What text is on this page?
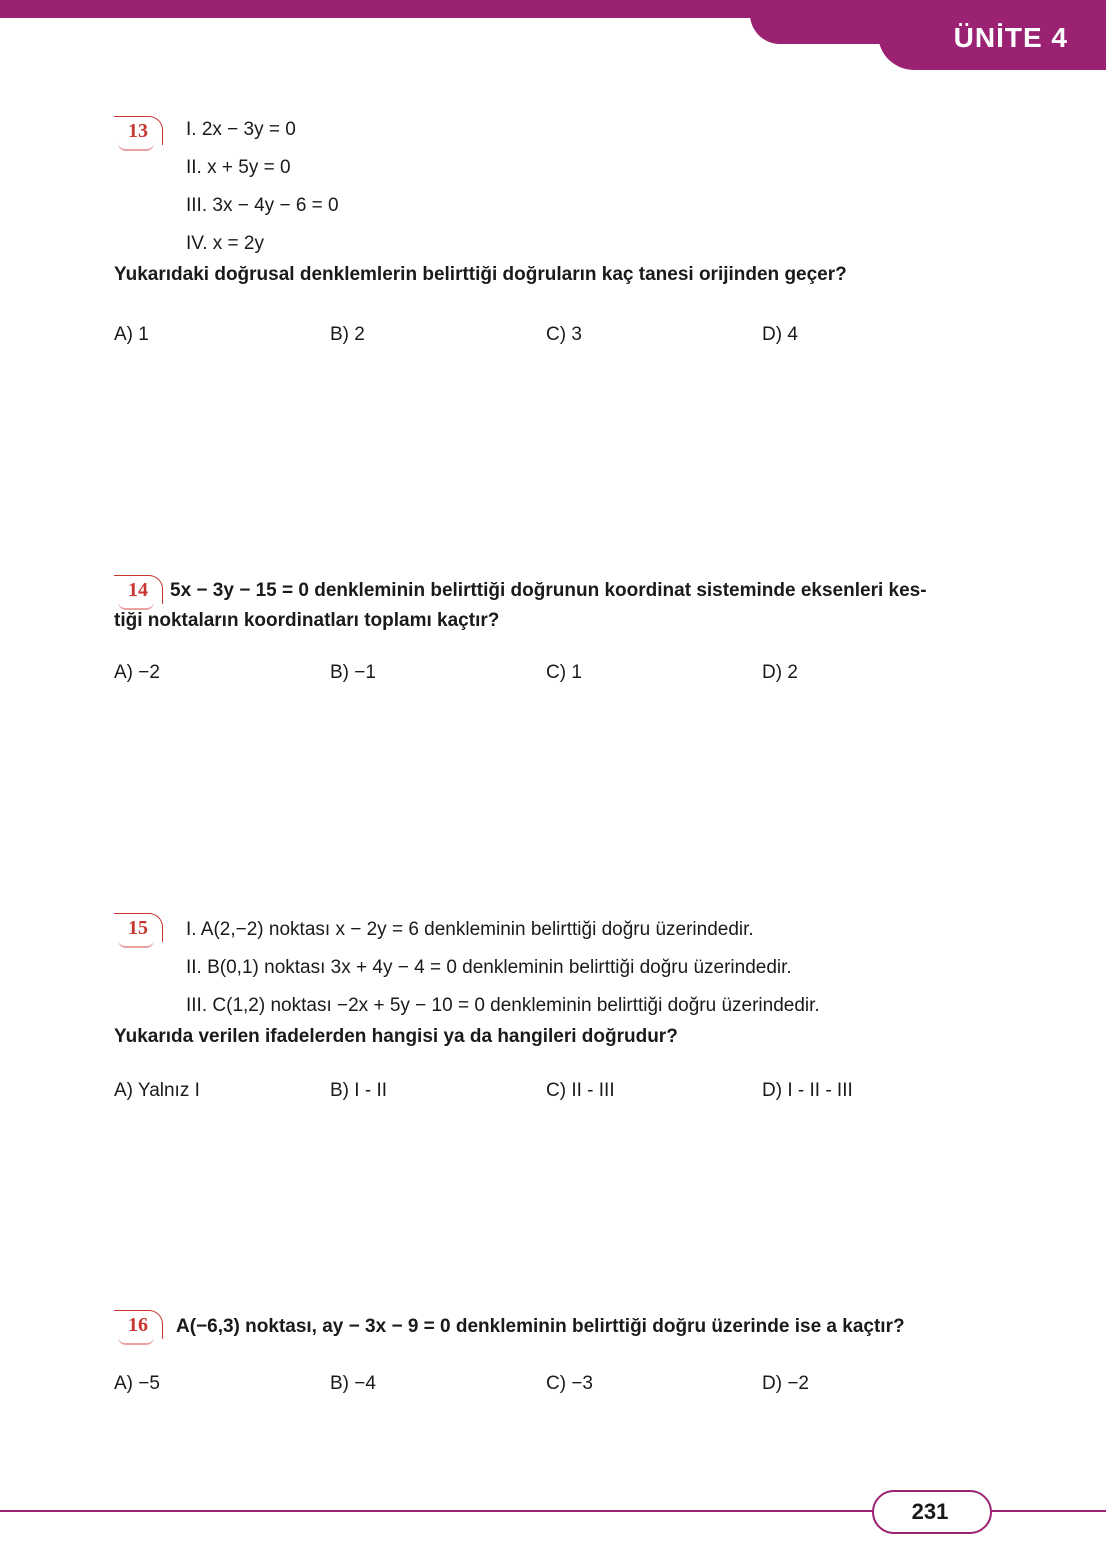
ÜNİTE 4
13	I. 2x − 3y = 0
II. x + 5y = 0
III. 3x − 4y − 6 = 0
IV. x = 2y
Yukarıdaki doğrusal denklemlerin belirttiği doğruların kaç tanesi orijinden geçer?
A) 1	B) 2	C) 3	D) 4
14	5x − 3y − 15 = 0 denkleminin belirttiği doğrunun koordinat sisteminde eksenleri kes-
tiği noktaların koordinatları toplamı kaçtır?
A) −2	B) −1	C) 1	D) 2
15	I. A(2,−2) noktası x − 2y = 6 denkleminin belirttiği doğru üzerindedir.
II. B(0,1) noktası 3x + 4y − 4 = 0 denkleminin belirttiği doğru üzerindedir.
III. C(1,2) noktası −2x + 5y − 10 = 0 denkleminin belirttiği doğru üzerindedir.
Yukarıda verilen ifadelerden hangisi ya da hangileri doğrudur?
A) Yalnız I	B) I - II	C) II - III	D) I - II - III
16	A(−6,3) noktası, ay − 3x − 9 = 0 denkleminin belirttiği doğru üzerinde ise a kaçtır?
A) −5	B) −4	C) −3	D) −2
231
